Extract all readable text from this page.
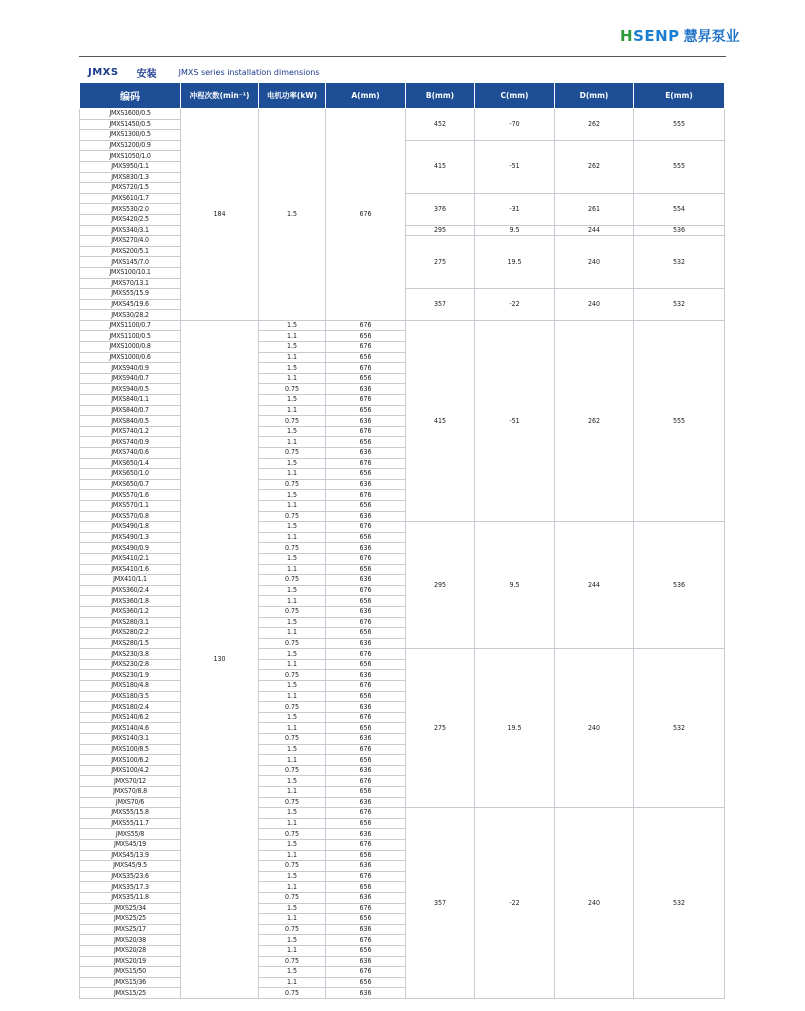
HSENP 慧昇泵业
JMXS 安装	JMXS series installation dimensions
编码	冲程次数(min⁻¹)	电机功率(kW)	A(mm)	B(mm)	C(mm)	D(mm)	E(mm)
JMXS1600/0.5	184	1.5	676	452	-70	262	555
JMXS1450/0.5							
JMXS1300/0.5							
JMXS1200/0.9				415	-51	262	555
JMXS1050/1.0							
JMXS950/1.1							
JMXS830/1.3							
JMXS720/1.5							
JMXS610/1.7				376	-31	261	554
JMXS530/2.0							
JMXS420/2.5							
JMXS340/3.1				295	9.5	244	536
JMXS270/4.0				275	19.5	240	532
JMXS200/5.1							
JMXS145/7.0							
JMXS100/10.1							
JMXS70/13.1							
JMXS55/15.9				357	-22	240	532
JMXS45/19.6							
JMXS30/28.2							
JMXS1100/0.7	130	1.5	676	415	-51	262	555
JMXS1100/0.5		1.1	656				
JMXS1000/0.8		1.5	676				
JMXS1000/0.6		1.1	656				
JMXS940/0.9		1.5	676				
JMXS940/0.7		1.1	656				
JMXS940/0.5		0.75	636				
JMXS840/1.1		1.5	676				
JMXS840/0.7		1.1	656				
JMXS840/0.5		0.75	636				
JMXS740/1.2		1.5	676				
JMXS740/0.9		1.1	656				
JMXS740/0.6		0.75	636				
JMXS650/1.4		1.5	676				
JMXS650/1.0		1.1	656				
JMXS650/0.7		0.75	636				
JMXS570/1.6		1.5	676				
JMXS570/1.1		1.1	656				
JMXS570/0.8		0.75	636				
JMXS490/1.8		1.5	676	295	9.5	244	536
JMXS490/1.3		1.1	656				
JMXS490/0.9		0.75	636				
JMXS410/2.1		1.5	676				
JMXS410/1.6		1.1	656				
JMX410/1.1		0.75	636				
JMXS360/2.4		1.5	676				
JMXS360/1.8		1.1	656				
JMXS360/1.2		0.75	636				
JMXS280/3.1		1.5	676				
JMXS280/2.2		1.1	656				
JMXS280/1.5		0.75	636				
JMXS230/3.8		1.5	676	275	19.5	240	532
JMXS230/2.8		1.1	656				
JMXS230/1.9		0.75	636				
JMXS180/4.8		1.5	676				
JMXS180/3.5		1.1	656				
JMXS180/2.4		0.75	636				
JMXS140/6.2		1.5	676				
JMXS140/4.6		1.1	656				
JMXS140/3.1		0.75	636				
JMXS100/8.5		1.5	676				
JMXS100/6.2		1.1	656				
JMXS100/4.2		0.75	636				
JMXS70/12		1.5	676				
JMXS70/8.8		1.1	656				
JMXS70/6		0.75	636				
JMXS55/15.8		1.5	676	357	-22	240	532
JMXS55/11.7		1.1	656				
JMXS55/8		0.75	636				
JMXS45/19		1.5	676				
JMXS45/13.9		1.1	656				
JMXS45/9.5		0.75	636				
JMXS35/23.6		1.5	676				
JMXS35/17.3		1.1	656				
JMXS35/11.8		0.75	636				
JMXS25/34		1.5	676				
JMXS25/25		1.1	656				
JMXS25/17		0.75	636				
JMXS20/38		1.5	676				
JMXS20/28		1.1	656				
JMXS20/19		0.75	636				
JMXS15/50		1.5	676				
JMXS15/36		1.1	656				
JMXS15/25		0.75	636				
